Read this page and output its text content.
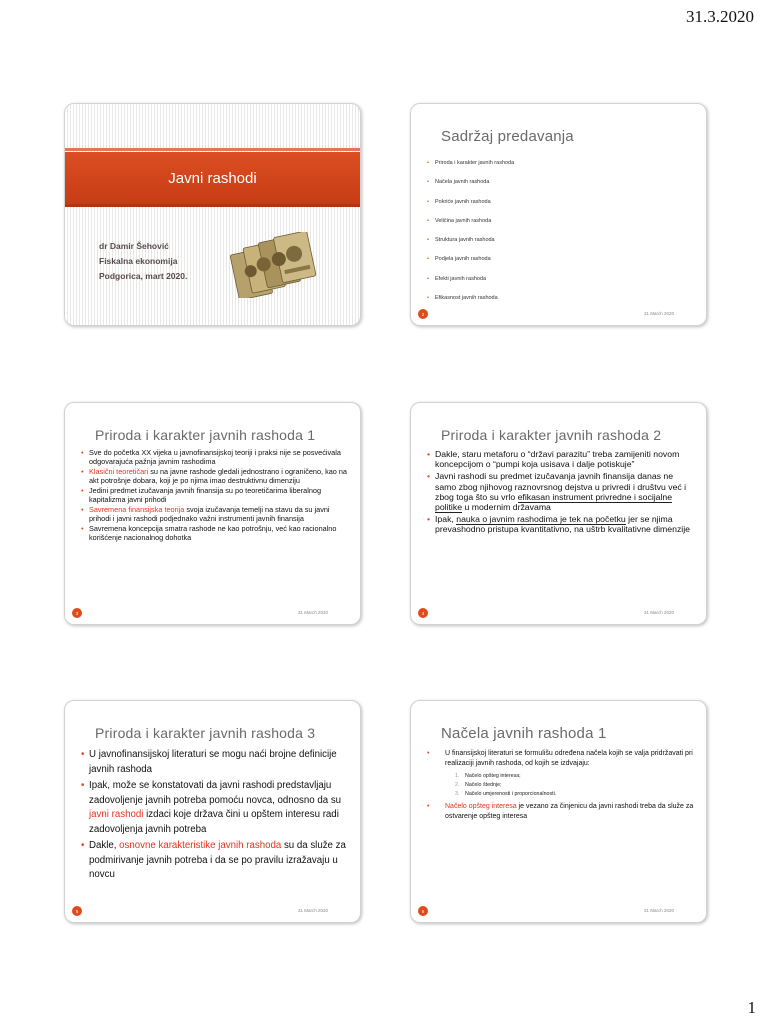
31.3.2020
Javni rashodi
dr Damir Šehović
Fiskalna ekonomija
Podgorica, mart 2020.
Sadržaj predavanja
• Priroda i karakter javnih rashoda
• Načela javnih rashoda
• Pokriće javnih rashoda
• Veličina javnih rashoda
• Struktura javnih rashoda
• Podjela javnih rashoda
• Efekti javnih rashoda
• Efikasnost javnih rashoda
2	31 March 2020
Priroda i karakter javnih rashoda 1
• Sve do početka XX vijeka u javnofinansijskoj teoriji i praksi nije se posvećivala odgovarajuća pažnja javnim rashodima
• Klasični teoretičari su na javne rashode gledali jednostrano i ograničeno, kao na akt potrošnje dobara, koji je po njima imao destruktivnu dimenziju
• Jedini predmet izučavanja javnih finansija su po teoretičarima liberalnog kapitalizma javni prihodi
• Savremena finansijska teorija svoja izučavanja temelji na stavu da su javni prihodi i javni rashodi podjednako važni instrumenti javnih finansija
• Savremena koncepcija smatra rashode ne kao potrošnju, već kao racionalno korišćenje nacionalnog dohotka
3	31 March 2020
Priroda i karakter javnih rashoda 2
• Dakle, staru metaforu o “državi parazitu” treba zamijeniti novom koncepcijom o “pumpi koja usisava i dalje potiskuje”
• Javni rashodi su predmet izučavanja javnih finansija danas ne samo zbog njihovog raznovrsnog dejstva u privredi i društvu već i zbog toga što su vrlo efikasan instrument privredne i socijalne politike u modernim državama
• Ipak, nauka o javnim rashodima je tek na početku jer se njima prevashodno pristupa kvantitativno, na uštrb kvalitativne dimenzije
4	31 March 2020
Priroda i karakter javnih rashoda 3
• U javnofinansijskoj literaturi se mogu naći brojne definicije javnih rashoda
• Ipak, može se konstatovati da javni rashodi predstavljaju zadovoljenje javnih potreba pomoću novca, odnosno da su javni rashodi izdaci koje država čini u opštem interesu radi zadovoljenja javnih potreba
• Dakle, osnovne karakteristike javnih rashoda su da služe za podmirivanje javnih potreba i da se po pravilu izražavaju u novcu
5	31 March 2020
Načela javnih rashoda 1
• U finansijskoj literaturi se formulišu određena načela kojih se valja pridržavati pri realizaciji javnih rashoda, od kojih se izdvajaju:
1. Načelo opšteg interesa;
2. Načelo štednje;
3. Načelo umjerenosti i proporcionalnosti.
• Načelo opšteg interesa je vezano za činjenicu da javni rashodi treba da služe za ostvarenje opšteg interesa
6	31 March 2020
1
